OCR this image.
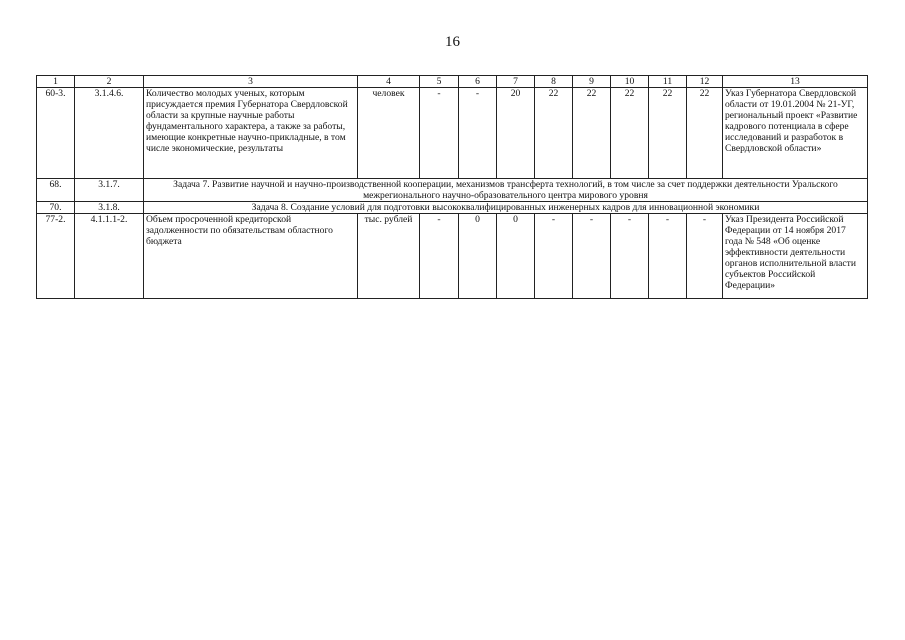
16
1	2	3	4	5	6	7	8	9	10	11	12	13
60-3.	3.1.4.6.	Количество молодых ученых, которым присуждается премия Губернатора Свердловской области за крупные научные работы фундаментального характера, а также за работы, имеющие конкретные научно-прикладные, в том числе экономические, результаты	человек	-	-	20	22	22	22	22	22	Указ Губернатора Свердловской области от 19.01.2004 № 21-УГ, региональный проект «Развитие кадрового потенциала в сфере исследований и разработок в Свердловской области»
68.	3.1.7.	Задача 7. Развитие научной и научно-производственной кооперации, механизмов трансферта технологий, в том числе за счет поддержки деятельности Уральского межрегионального научно-образовательного центра мирового уровня										
70.	3.1.8.	Задача 8. Создание условий для подготовки высококвалифицированных инженерных кадров для инновационной экономики										
77-2.	4.1.1.1-2.	Объем просроченной кредиторской задолженности по обязательствам областного бюджета	тыс. рублей	-	0	0	-	-	-	-	-	Указ Президента Российской Федерации от 14 ноября 2017 года № 548 «Об оценке эффективности деятельности органов исполнительной власти субъектов Российской Федерации»
